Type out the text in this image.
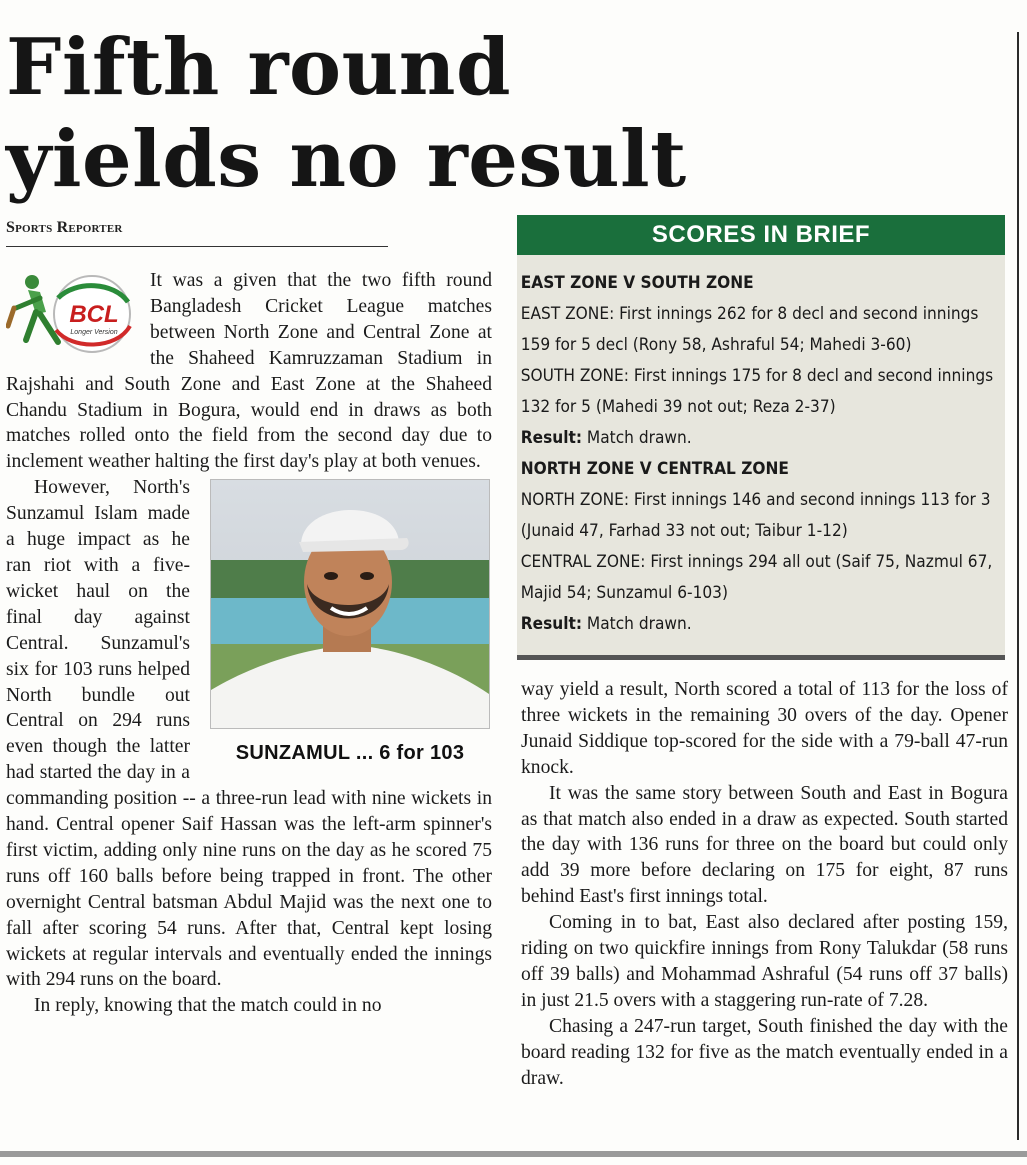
Fifth round yields no result
Sports Reporter
BCL
Longer Version

It was a given that the two fifth round Bangladesh Cricket League matches between North Zone and Central Zone at the Shaheed Kamruzzaman Stadium in Rajshahi and South Zone and East Zone at the Shaheed Chandu Stadium in Bogura, would end in draws as both matches rolled onto the field from the second day due to inclement weather halting the first day's play at both venues.

SUNZAMUL ... 6 for 103

However, North's Sunzamul Islam made a huge impact as he ran riot with a five-wicket haul on the final day against Central. Sunzamul's six for 103 runs helped North bundle out Central on 294 runs even though the latter had started the day in a commanding position -- a three-run lead with nine wickets in hand. Central opener Saif Hassan was the left-arm spinner's first victim, adding only nine runs on the day as he scored 75 runs off 160 balls before being trapped in front. The other overnight Central batsman Abdul Majid was the next one to fall after scoring 54 runs. After that, Central kept losing wickets at regular intervals and eventually ended the innings with 294 runs on the board.

In reply, knowing that the match could in no

SCORES IN BRIEF
EAST ZONE V SOUTH ZONE
EAST ZONE: First innings 262 for 8 decl and second innings 159 for 5 decl (Rony 58, Ashraful 54; Mahedi 3-60)
SOUTH ZONE: First innings 175 for 8 decl and second innings 132 for 5 (Mahedi 39 not out; Reza 2-37)
Result: Match drawn.
NORTH ZONE V CENTRAL ZONE
NORTH ZONE: First innings 146 and second innings 113 for 3 (Junaid 47, Farhad 33 not out; Taibur 1-12)
CENTRAL ZONE: First innings 294 all out (Saif 75, Nazmul 67, Majid 54; Sunzamul 6-103)
Result: Match drawn.

way yield a result, North scored a total of 113 for the loss of three wickets in the remaining 30 overs of the day. Opener Junaid Siddique top-scored for the side with a 79-ball 47-run knock.

It was the same story between South and East in Bogura as that match also ended in a draw as expected. South started the day with 136 runs for three on the board but could only add 39 more before declaring on 175 for eight, 87 runs behind East's first innings total.

Coming in to bat, East also declared after posting 159, riding on two quickfire innings from Rony Talukdar (58 runs off 39 balls) and Mohammad Ashraful (54 runs off 37 balls) in just 21.5 overs with a staggering run-rate of 7.28.

Chasing a 247-run target, South finished the day with the board reading 132 for five as the match eventually ended in a draw.
